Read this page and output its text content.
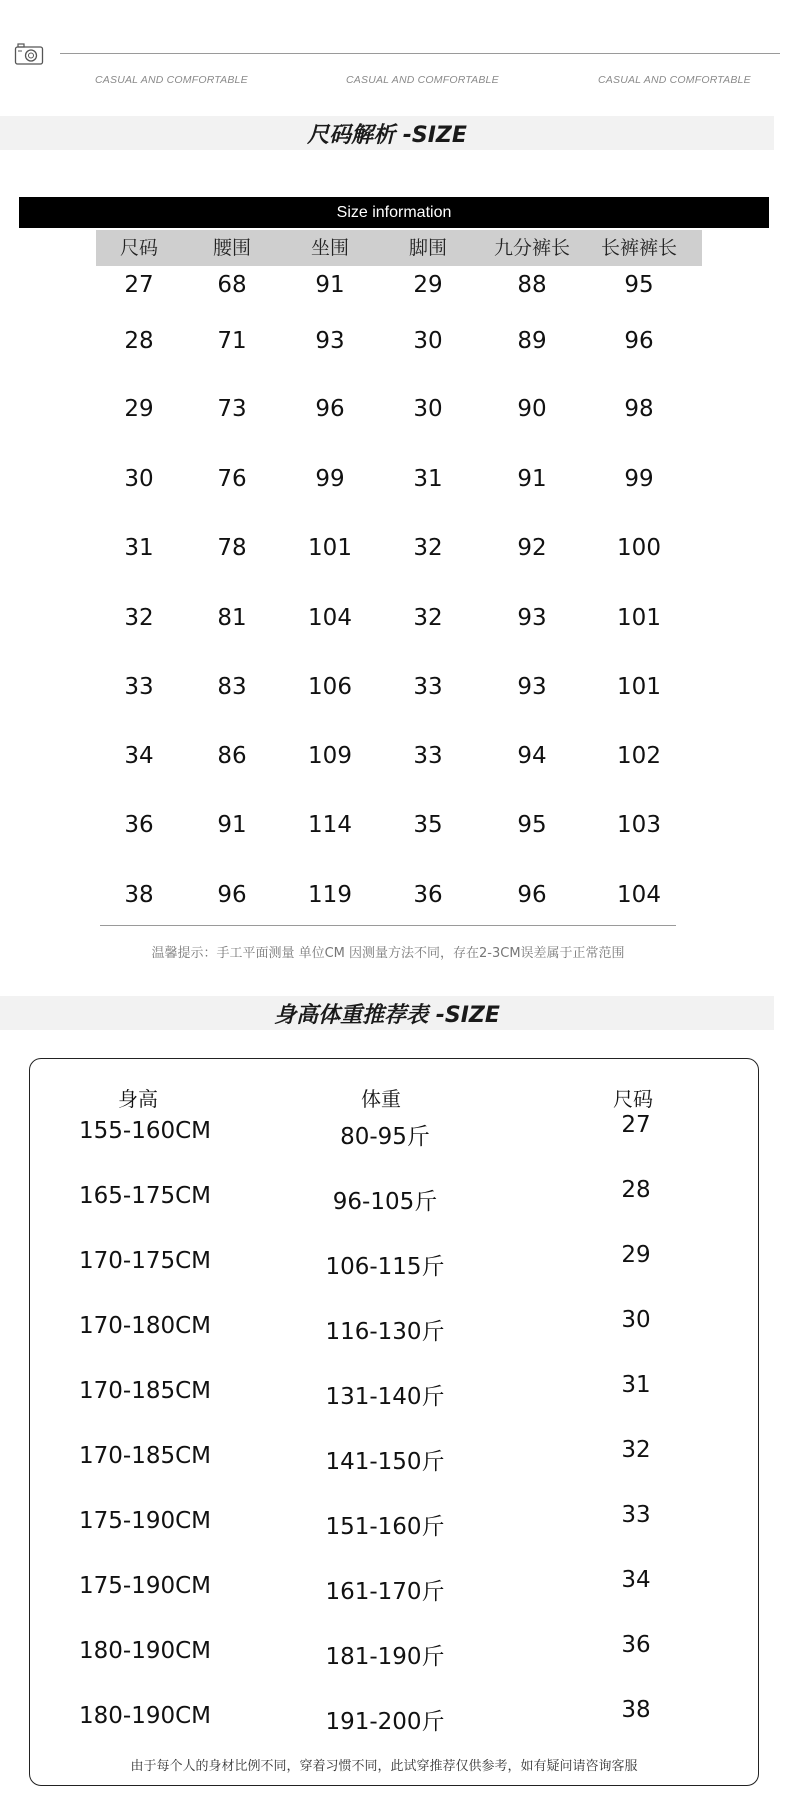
CASUAL AND COMFORTABLE	CASUAL AND COMFORTABLE	CASUAL AND COMFORTABLE
尺码解析 -SIZE
Size information
尺码	腰围	坐围	脚围 九分裤长 长裤裤长
27	68	91	29	88	95
28	71	93	30	89	96
29	73	96	30	90	98
30	76	99	31	91	99
31	78	101	32	92	100
32	81	104	32	93	101
33	83	106	33	93	101
34	86	109	33	94	102
36	91	114	35	95	103
38	96	119	36	96	104
温馨提示：手工平面测量 单位CM 因测量方法不同，存在2-3CM误差属于正常范围
身高体重推荐表 -SIZE
身高	体重	尺码
155-160CM	80-95斤	27
165-175CM	96-105斤	28
170-175CM	106-115斤	29
170-180CM	116-130斤	30
170-185CM	131-140斤	31
170-185CM	141-150斤	32
175-190CM	151-160斤	33
175-190CM	161-170斤	34
180-190CM	181-190斤	36
180-190CM	191-200斤	38
由于每个人的身材比例不同，穿着习惯不同，此试穿推荐仅供参考，如有疑问请咨询客服
